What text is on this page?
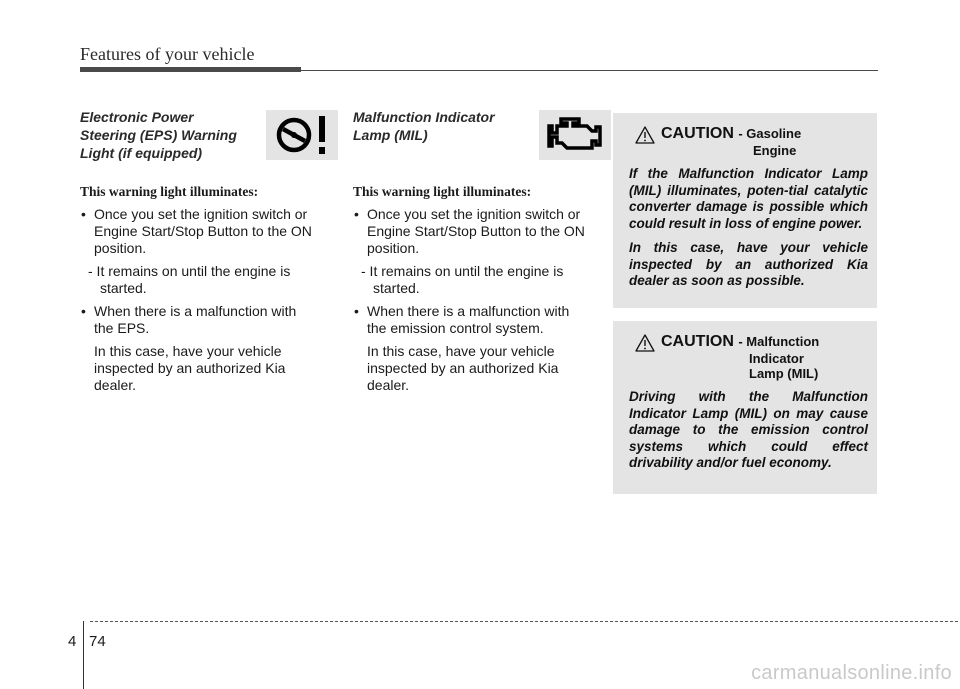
Features of your vehicle
Electronic Power
Steering (EPS) Warning
Light (if equipped)

This warning light illuminates:

• Once you set the ignition switch or
Engine Start/Stop Button to the ON
position.
- It remains on until the engine is
started.
• When there is a malfunction with
the EPS.
In this case, have your vehicle
inspected by an authorized Kia
dealer.
Malfunction Indicator
Lamp (MIL)

This warning light illuminates:

• Once you set the ignition switch or
Engine Start/Stop Button to the ON
position.
- It remains on until the engine is
started.
• When there is a malfunction with
the emission control system.
In this case, have your vehicle
inspected by an authorized Kia
dealer.
CAUTION - Gasoline
Engine

If the Malfunction Indicator Lamp (MIL) illuminates, poten-tial catalytic converter damage is possible which could result in loss of engine power.

In this case, have your vehicle inspected by an authorized Kia dealer as soon as possible.

CAUTION - Malfunction
Indicator
Lamp (MIL)

Driving with the Malfunction Indicator Lamp (MIL) on may cause damage to the emission control systems which could effect drivability and/or fuel economy.

4 74
carmanualsonline.info
